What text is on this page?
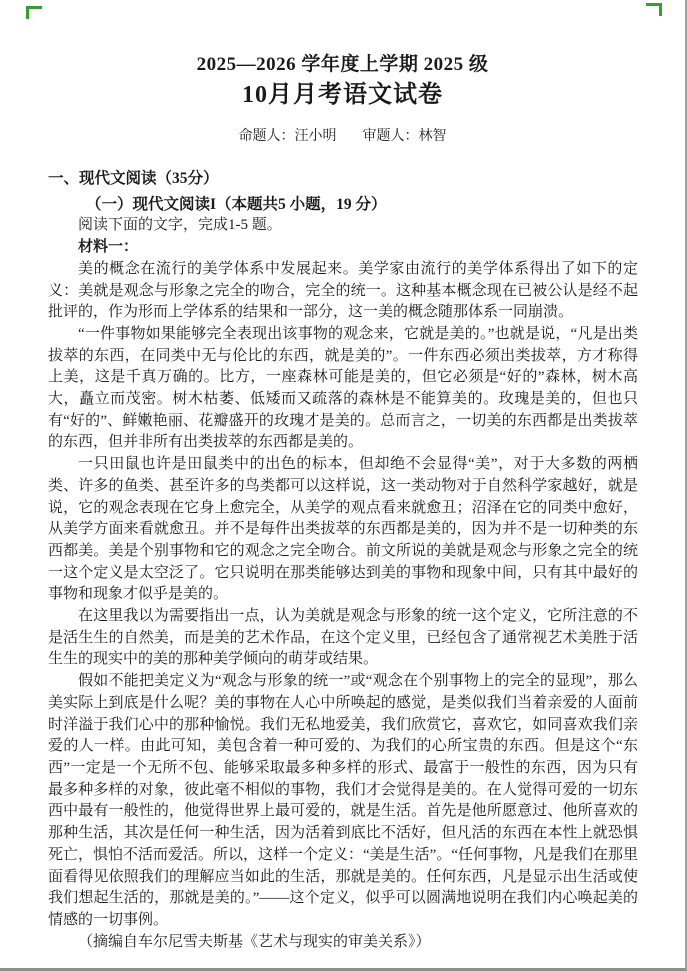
2025—2026 学年度上学期 2025 级
10月月考语文试卷
命题人：汪小明 审题人：林智

一、现代文阅读（35分）

（一）现代文阅读I（本题共5 小题，19 分）

阅读下面的文字，完成1-5 题。

材料一：

美的概念在流行的美学体系中发展起来。美学家由流行的美学体系得出了如下的定义：美就是观念与形象之完全的吻合，完全的统一。这种基本概念现在已被公认是经不起批评的，作为形而上学体系的结果和一部分，这一美的概念随那体系一同崩溃。

“一件事物如果能够完全表现出该事物的观念来，它就是美的。”也就是说，“凡是出类拔萃的东西，在同类中无与伦比的东西，就是美的”。一件东西必须出类拔萃，方才称得上美，这是千真万确的。比方，一座森林可能是美的，但它必须是“好的”森林，树木高大，矗立而茂密。树木枯萎、低矮而又疏落的森林是不能算美的。玫瑰是美的，但也只有“好的”、鲜嫩艳丽、花瓣盛开的玫瑰才是美的。总而言之，一切美的东西都是出类拔萃的东西，但并非所有出类拔萃的东西都是美的。

一只田鼠也许是田鼠类中的出色的标本，但却绝不会显得“美”，对于大多数的两栖类、许多的鱼类、甚至许多的鸟类都可以这样说，这一类动物对于自然科学家越好，就是说，它的观念表现在它身上愈完全，从美学的观点看来就愈丑；沼泽在它的同类中愈好，从美学方面来看就愈丑。并不是每件出类拔萃的东西都是美的，因为并不是一切种类的东西都美。美是个别事物和它的观念之完全吻合。前文所说的美就是观念与形象之完全的统一这个定义是太空泛了。它只说明在那类能够达到美的事物和现象中间，只有其中最好的事物和现象才似乎是美的。

在这里我以为需要指出一点，认为美就是观念与形象的统一这个定义，它所注意的不是活生生的自然美，而是美的艺术作品，在这个定义里，已经包含了通常视艺术美胜于活生生的现实中的美的那种美学倾向的萌芽或结果。

假如不能把美定义为“观念与形象的统一”或“观念在个别事物上的完全的显现”，那么美实际上到底是什么呢？美的事物在人心中所唤起的感觉，是类似我们当着亲爱的人面前时洋溢于我们心中的那种愉悦。我们无私地爱美，我们欣赏它，喜欢它，如同喜欢我们亲爱的人一样。由此可知，美包含着一种可爱的、为我们的心所宝贵的东西。但是这个“东西”一定是一个无所不包、能够采取最多种多样的形式、最富于一般性的东西，因为只有最多种多样的对象，彼此毫不相似的事物，我们才会觉得是美的。在人觉得可爱的一切东西中最有一般性的，他觉得世界上最可爱的，就是生活。首先是他所愿意过、他所喜欢的那种生活，其次是任何一种生活，因为活着到底比不活好，但凡活的东西在本性上就恐惧死亡，惧怕不活而爱活。所以，这样一个定义：“美是生活”。“任何事物，凡是我们在那里面看得见依照我们的理解应当如此的生活，那就是美的。任何东西，凡是显示出生活或使我们想起生活的，那就是美的。”——这个定义，似乎可以圆满地说明在我们内心唤起美的情感的一切事例。

（摘编自车尔尼雪夫斯基《艺术与现实的审美关系》）
